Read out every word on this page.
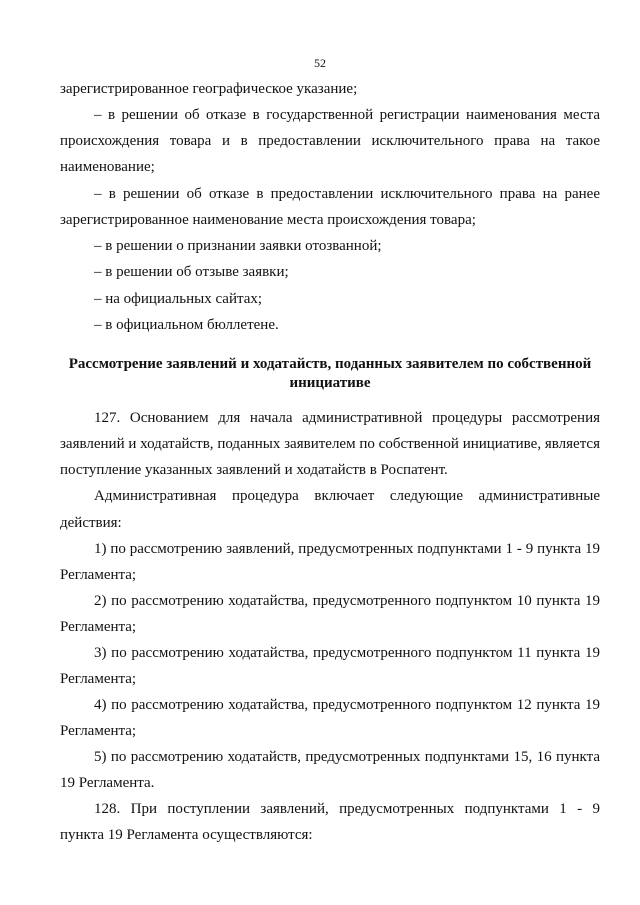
52
зарегистрированное географическое указание;
– в решении об отказе в государственной регистрации наименования места
происхождения товара и в предоставлении исключительного права на такое
наименование;
– в решении об отказе в предоставлении исключительного права на ранее
зарегистрированное наименование места происхождения товара;
– в решении о признании заявки отозванной;
– в решении об отзыве заявки;
– на официальных сайтах;
– в официальном бюллетене.
Рассмотрение заявлений и ходатайств, поданных заявителем по собственной
инициативе
127. Основанием для начала административной процедуры рассмотрения
заявлений и ходатайств, поданных заявителем по собственной инициативе, является
поступление указанных заявлений и ходатайств в Роспатент.
Административная процедура включает следующие административные
действия:
1) по рассмотрению заявлений, предусмотренных подпунктами 1 - 9 пункта 19
Регламента;
2) по рассмотрению ходатайства, предусмотренного подпунктом 10 пункта 19
Регламента;
3) по рассмотрению ходатайства, предусмотренного подпунктом 11 пункта 19
Регламента;
4) по рассмотрению ходатайства, предусмотренного подпунктом 12 пункта 19
Регламента;
5) по рассмотрению ходатайств, предусмотренных подпунктами 15, 16 пункта
19 Регламента.
128. При поступлении заявлений, предусмотренных подпунктами 1 - 9
пункта 19 Регламента осуществляются:
